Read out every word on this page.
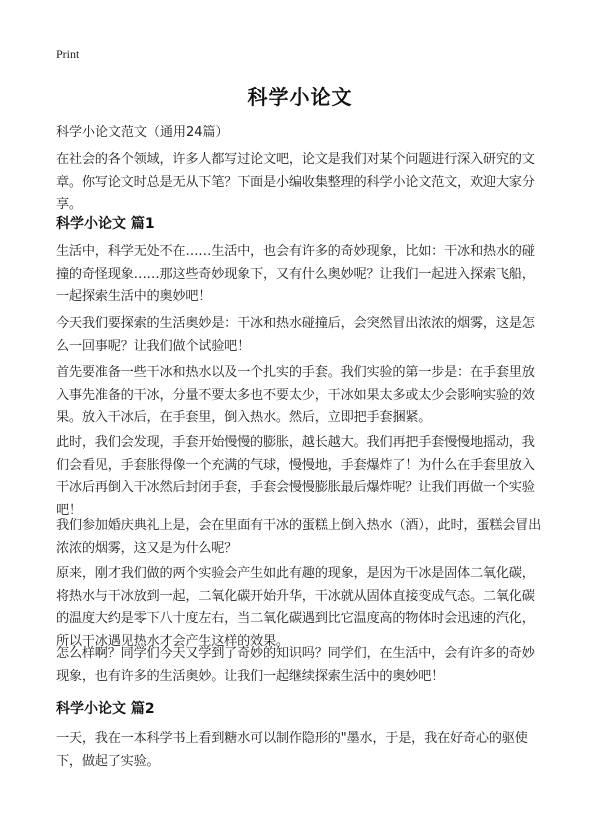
Print
科学小论文
科学小论文范文（通用24篇）

在社会的各个领域，许多人都写过论文吧，论文是我们对某个问题进行深入研究的文章。你写论文时总是无从下笔？下面是小编收集整理的科学小论文范文，欢迎大家分享。

科学小论文 篇1

生活中，科学无处不在……生活中，也会有许多的奇妙现象，比如：干冰和热水的碰撞的奇怪现象……那这些奇妙现象下，又有什么奥妙呢？让我们一起进入探索飞船，一起探索生活中的奥妙吧！

今天我们要探索的生活奥妙是：干冰和热水碰撞后，会突然冒出浓浓的烟雾，这是怎么一回事呢？让我们做个试验吧！

首先要准备一些干冰和热水以及一个扎实的手套。我们实验的第一步是：在手套里放入事先准备的干冰，分量不要太多也不要太少，干冰如果太多或太少会影响实验的效果。放入干冰后，在手套里，倒入热水。然后，立即把手套捆紧。

此时，我们会发现，手套开始慢慢的膨胀，越长越大。我们再把手套慢慢地摇动，我们会看见，手套胀得像一个充满的气球，慢慢地，手套爆炸了！为什么在手套里放入干冰后再倒入干冰然后封闭手套，手套会慢慢膨胀最后爆炸呢？让我们再做一个实验吧！

我们参加婚庆典礼上是，会在里面有干冰的蛋糕上倒入热水（酒），此时，蛋糕会冒出浓浓的烟雾，这又是为什么呢？

原来，刚才我们做的两个实验会产生如此有趣的现象，是因为干冰是固体二氧化碳，将热水与干冰放到一起，二氧化碳开始升华，干冰就从固体直接变成气态。二氧化碳的温度大约是零下八十度左右，当二氧化碳遇到比它温度高的物体时会迅速的汽化，所以干冰遇见热水才会产生这样的效果。

怎么样啊？同学们今天又学到了奇妙的知识吗？同学们，在生活中，会有许多的奇妙现象，也有许多的生活奥妙。让我们一起继续探索生活中的奥妙吧！

科学小论文 篇2

一天，我在一本科学书上看到糖水可以制作隐形的"墨水，于是，我在好奇心的驱使下，做起了实验。
